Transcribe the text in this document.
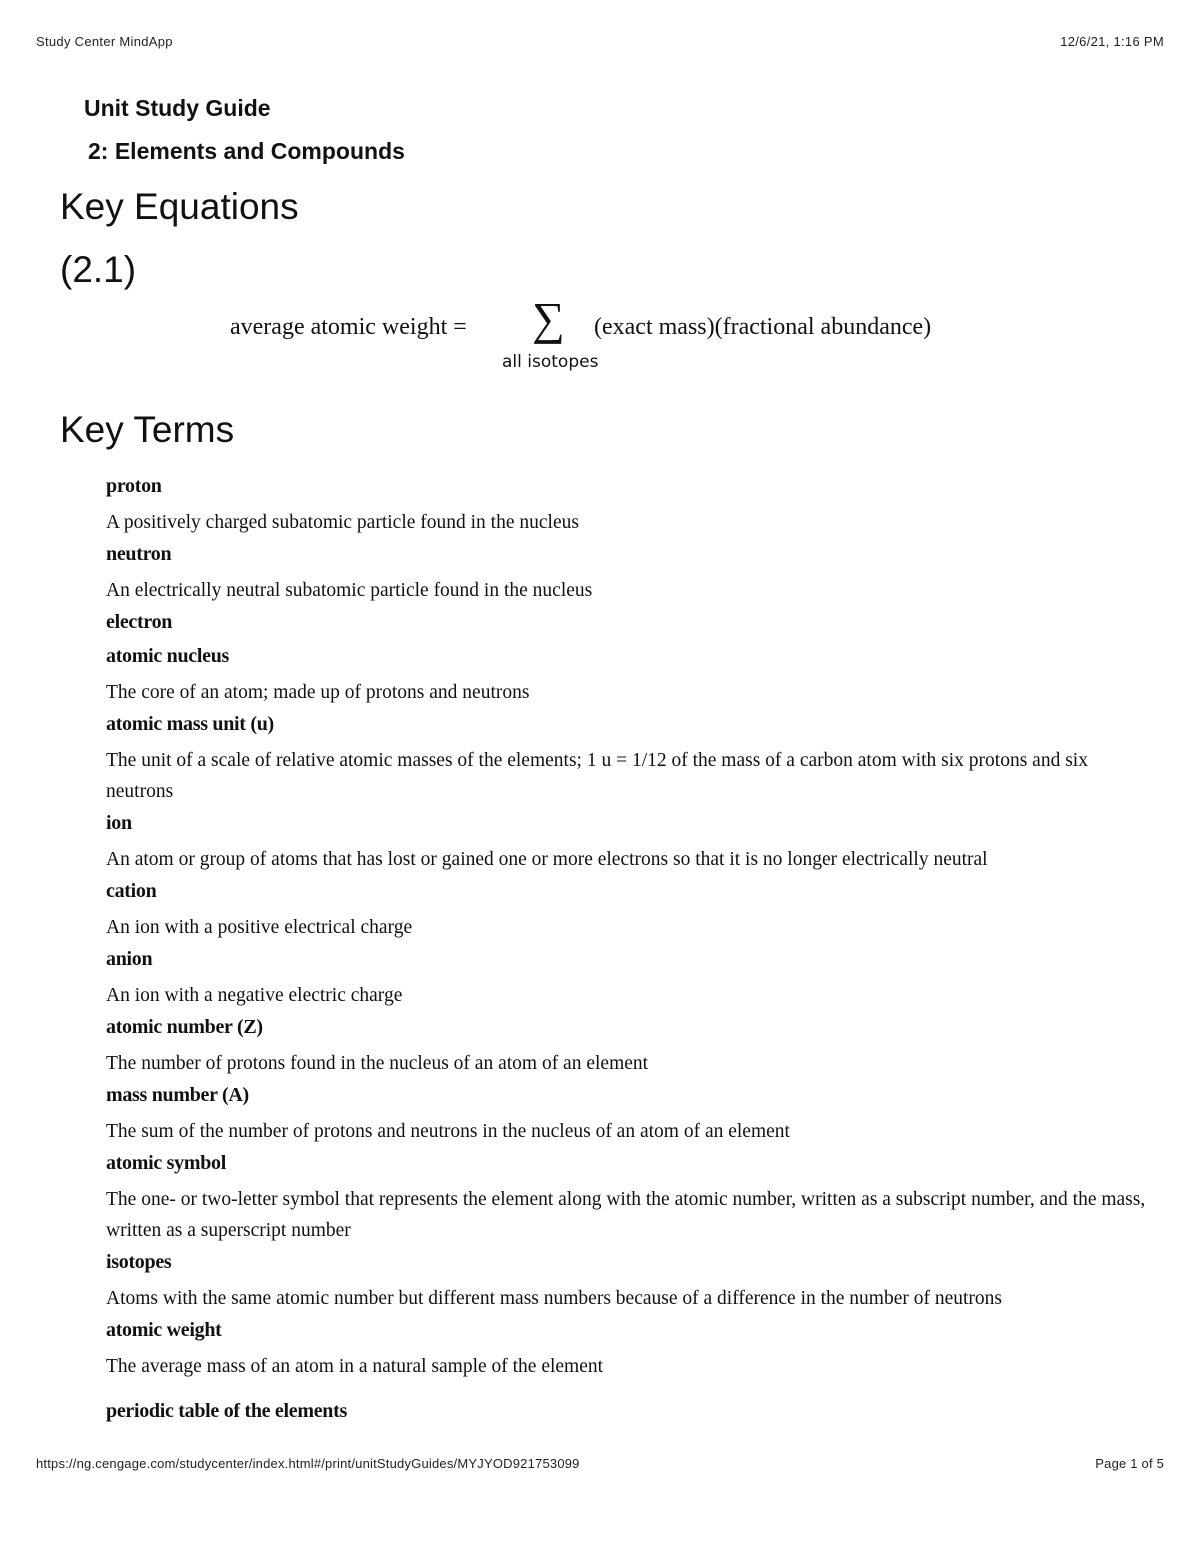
Study Center MindApp	12/6/21, 1:16 PM
Unit Study Guide
2: Elements and Compounds
Key Equations
(2.1)
average atomic weight = ∑
all isotopes
(exact mass)(fractional abundance)
Key Terms
proton
A positively charged subatomic particle found in the nucleus
neutron
An electrically neutral subatomic particle found in the nucleus
electron
atomic nucleus
The core of an atom; made up of protons and neutrons
atomic mass unit (u)
The unit of a scale of relative atomic masses of the elements; 1 u = 1/12 of the mass of a carbon atom with six protons and six neutrons
ion
An atom or group of atoms that has lost or gained one or more electrons so that it is no longer electrically neutral
cation
An ion with a positive electrical charge
anion
An ion with a negative electric charge
atomic number (Z)
The number of protons found in the nucleus of an atom of an element
mass number (A)
The sum of the number of protons and neutrons in the nucleus of an atom of an element
atomic symbol
The one- or two-letter symbol that represents the element along with the atomic number, written as a subscript number, and the mass, written as a superscript number
isotopes
Atoms with the same atomic number but different mass numbers because of a difference in the number of neutrons
atomic weight
The average mass of an atom in a natural sample of the element
periodic table of the elements
https://ng.cengage.com/studycenter/index.html#/print/unitStudyGuides/MYJYOD921753099	Page 1 of 5
